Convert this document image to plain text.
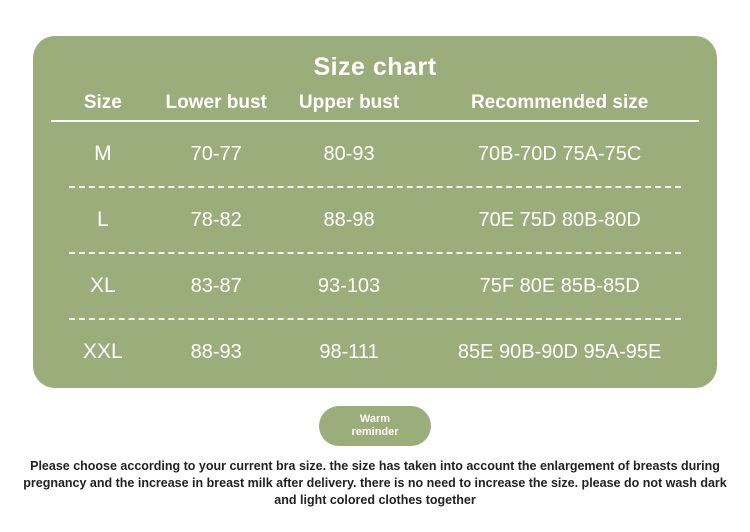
Size chart
Size	Lower bust	Upper bust	Recommended size
M	70-77	80-93	70B-70D 75A-75C
L	78-82	88-98	70E 75D 80B-80D
XL	83-87	93-103	75F 80E 85B-85D
XXL	88-93	98-111	85E 90B-90D 95A-95E
Warm
reminder
Please choose according to your current bra size. the size has taken into account the enlargement of breasts during pregnancy and the increase in breast milk after delivery. there is no need to increase the size. please do not wash dark and light colored clothes together
